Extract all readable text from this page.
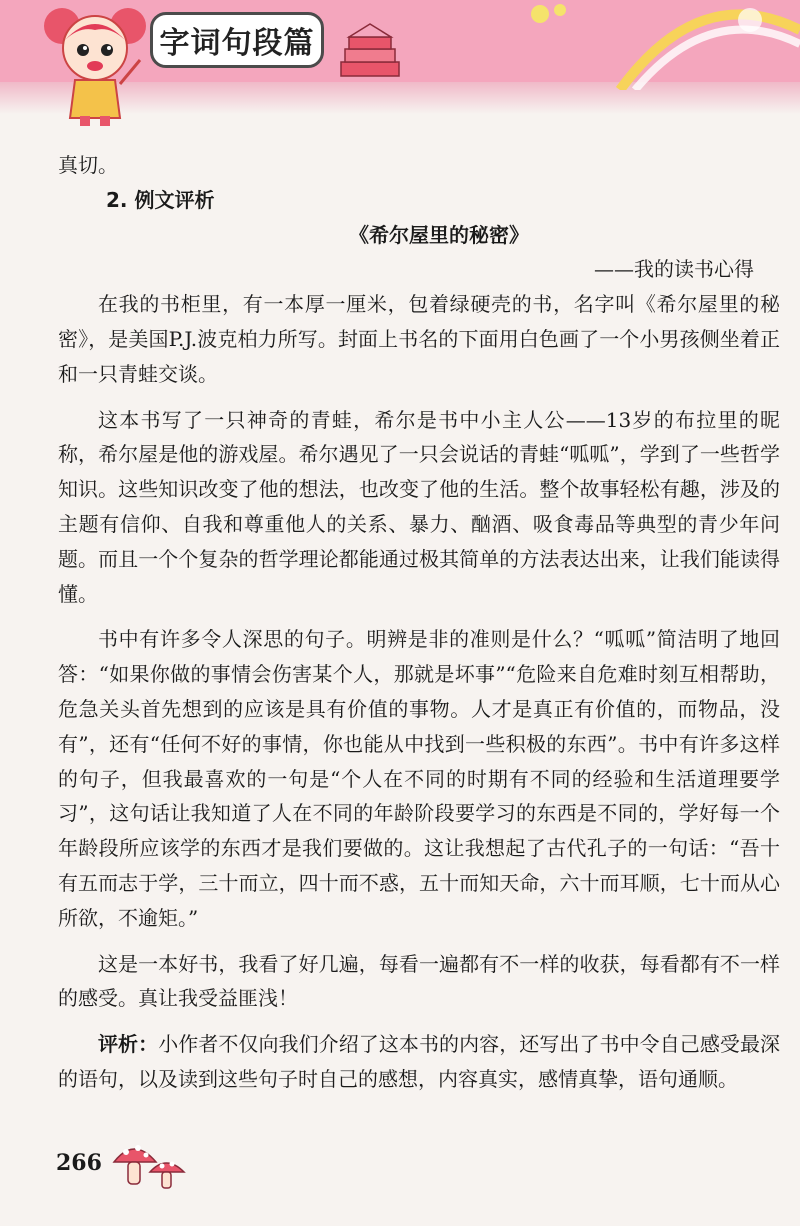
字词句段篇

真切。

2. 例文评析

《希尔屋里的秘密》

——我的读书心得

在我的书柜里，有一本厚一厘米，包着绿硬壳的书，名字叫《希尔屋里的秘密》，是美国P.J.波克柏力所写。封面上书名的下面用白色画了一个小男孩侧坐着正和一只青蛙交谈。

这本书写了一只神奇的青蛙，希尔是书中小主人公——13岁的布拉里的昵称，希尔屋是他的游戏屋。希尔遇见了一只会说话的青蛙“呱呱”，学到了一些哲学知识。这些知识改变了他的想法，也改变了他的生活。整个故事轻松有趣，涉及的主题有信仰、自我和尊重他人的关系、暴力、酗酒、吸食毒品等典型的青少年问题。而且一个个复杂的哲学理论都能通过极其简单的方法表达出来，让我们能读得懂。

书中有许多令人深思的句子。明辨是非的准则是什么？“呱呱”简洁明了地回答：“如果你做的事情会伤害某个人，那就是坏事”“危险来自危难时刻互相帮助，危急关头首先想到的应该是具有价值的事物。人才是真正有价值的，而物品，没有”，还有“任何不好的事情，你也能从中找到一些积极的东西”。书中有许多这样的句子，但我最喜欢的一句是“个人在不同的时期有不同的经验和生活道理要学习”，这句话让我知道了人在不同的年龄阶段要学习的东西是不同的，学好每一个年龄段所应该学的东西才是我们要做的。这让我想起了古代孔子的一句话：“吾十有五而志于学，三十而立，四十而不惑，五十而知天命，六十而耳顺，七十而从心所欲，不逾矩。”

这是一本好书，我看了好几遍，每看一遍都有不一样的收获，每看都有不一样的感受。真让我受益匪浅！

评析：小作者不仅向我们介绍了这本书的内容，还写出了书中令自己感受最深的语句，以及读到这些句子时自己的感想，内容真实，感情真挚，语句通顺。

266
